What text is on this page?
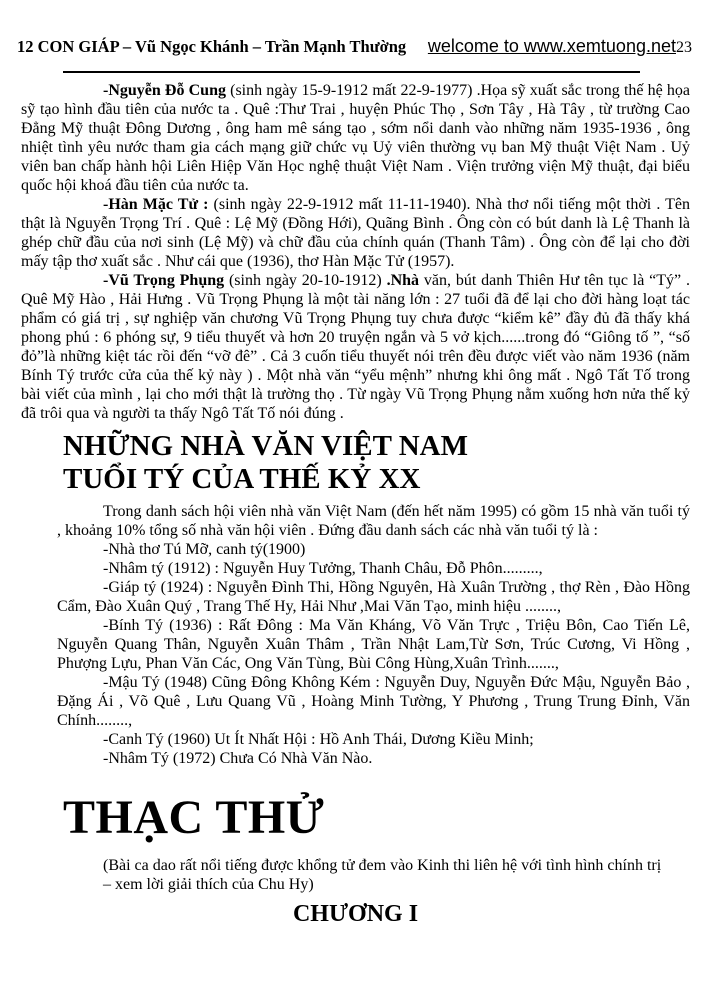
12 CON GIÁP – Vũ Ngọc Khánh – Trần Mạnh Thường welcome to www.xemtuong.net23

-Nguyễn Đỗ Cung (sinh ngày 15-9-1912 mất 22-9-1977) .Họa sỹ xuất sắc trong thế hệ họa sỹ tạo hình đầu tiên của nước ta . Quê :Thư Trai , huyện Phúc Thọ , Sơn Tây , Hà Tây , từ trường Cao Đẳng Mỹ thuật Đông Dương , ông ham mê sáng tạo , sớm nổi danh vào những năm 1935-1936 , ông nhiệt tình yêu nước tham gia cách mạng giữ chức vụ Uỷ viên thường vụ ban Mỹ thuật Việt Nam . Uỷ viên ban chấp hành hội Liên Hiệp Văn Học nghệ thuật Việt Nam . Viện trưởng viện Mỹ thuật, đại biểu quốc hội khoá đầu tiên của nước ta.

-Hàn Mặc Tử : (sinh ngày 22-9-1912 mất 11-11-1940). Nhà thơ nổi tiếng một thời . Tên thật là Nguyễn Trọng Trí . Quê : Lệ Mỹ (Đồng Hới), Quãng Bình . Ông còn có bút danh là Lệ Thanh là ghép chữ đầu của nơi sinh (Lệ Mỹ) và chữ đầu của chính quán (Thanh Tâm) . Ông còn để lại cho đời mấy tập thơ xuất sắc . Như cái que (1936), thơ Hàn Mặc Tử (1957).

-Vũ Trọng Phụng (sinh ngày 20-10-1912) .Nhà văn, bút danh Thiên Hư tên tục là “Tý” . Quê Mỹ Hào , Hải Hưng . Vũ Trọng Phụng là một tài năng lớn : 27 tuổi đã để lại cho đời hàng loạt tác phẩm có giá trị , sự nghiệp văn chương Vũ Trọng Phụng tuy chưa được “kiểm kê” đầy đủ đã thấy khá phong phú : 6 phóng sự, 9 tiểu thuyết và hơn 20 truyện ngắn và 5 vở kịch......trong đó “Giông tố ”, “số đỏ”là những kiệt tác rồi đến “vỡ đê” . Cả 3 cuốn tiểu thuyết nói trên đều được viết vào năm 1936 (năm Bính Tý trước cửa của thế kỷ này ) . Một nhà văn “yểu mệnh” nhưng khi ông mất . Ngô Tất Tố trong bài viết của mình , lại cho mới thật là trường thọ . Từ ngày Vũ Trọng Phụng nằm xuống hơn nửa thế kỷ đã trôi qua và người ta thấy Ngô Tất Tố nói đúng .

NHỮNG NHÀ VĂN VIỆT NAM
TUỔI TÝ CỦA THẾ KỶ XX

Trong danh sách hội viên nhà văn Việt Nam (đến hết năm 1995) có gồm 15 nhà văn tuổi tý , khoảng 10% tổng số nhà văn hội viên . Đứng đầu danh sách các nhà văn tuổi tý là :

-Nhà thơ Tú Mỡ, canh tý(1900)

-Nhâm tý (1912) : Nguyễn Huy Tưởng, Thanh Châu, Đỗ Phôn.........,

-Giáp tý (1924) : Nguyễn Đình Thi, Hồng Nguyên, Hà Xuân Trường , thợ Rèn , Đào Hồng Cẩm, Đào Xuân Quý , Trang Thế Hy, Hải Như ,Mai Văn Tạo, minh hiệu ........,

-Bính Tý (1936) : Rất Đông : Ma Văn Kháng, Võ Văn Trực , Triệu Bôn, Cao Tiến Lê, Nguyễn Quang Thân, Nguyễn Xuân Thâm , Trần Nhật Lam,Từ Sơn, Trúc Cương, Vi Hồng , Phượng Lựu, Phan Văn Các, Ong Văn Tùng, Bùi Công Hùng,Xuân Trình.......,

-Mậu Tý (1948) Cũng Đông Không Kém : Nguyễn Duy, Nguyễn Đức Mậu, Nguyễn Bảo , Đặng Ái , Võ Quê , Lưu Quang Vũ , Hoàng Minh Tường, Y Phương , Trung Trung Đỉnh, Văn Chính........,

-Canh Tý (1960) Ut Ít Nhất Hội : Hồ Anh Thái, Dương Kiều Minh;

-Nhâm Tý (1972) Chưa Có Nhà Văn Nào.

THẠC THỬ

(Bài ca dao rất nổi tiếng được khổng tử đem vào Kinh thi liên hệ với tình hình chính trị – xem lời giải thích của Chu Hy)

CHƯƠNG I
